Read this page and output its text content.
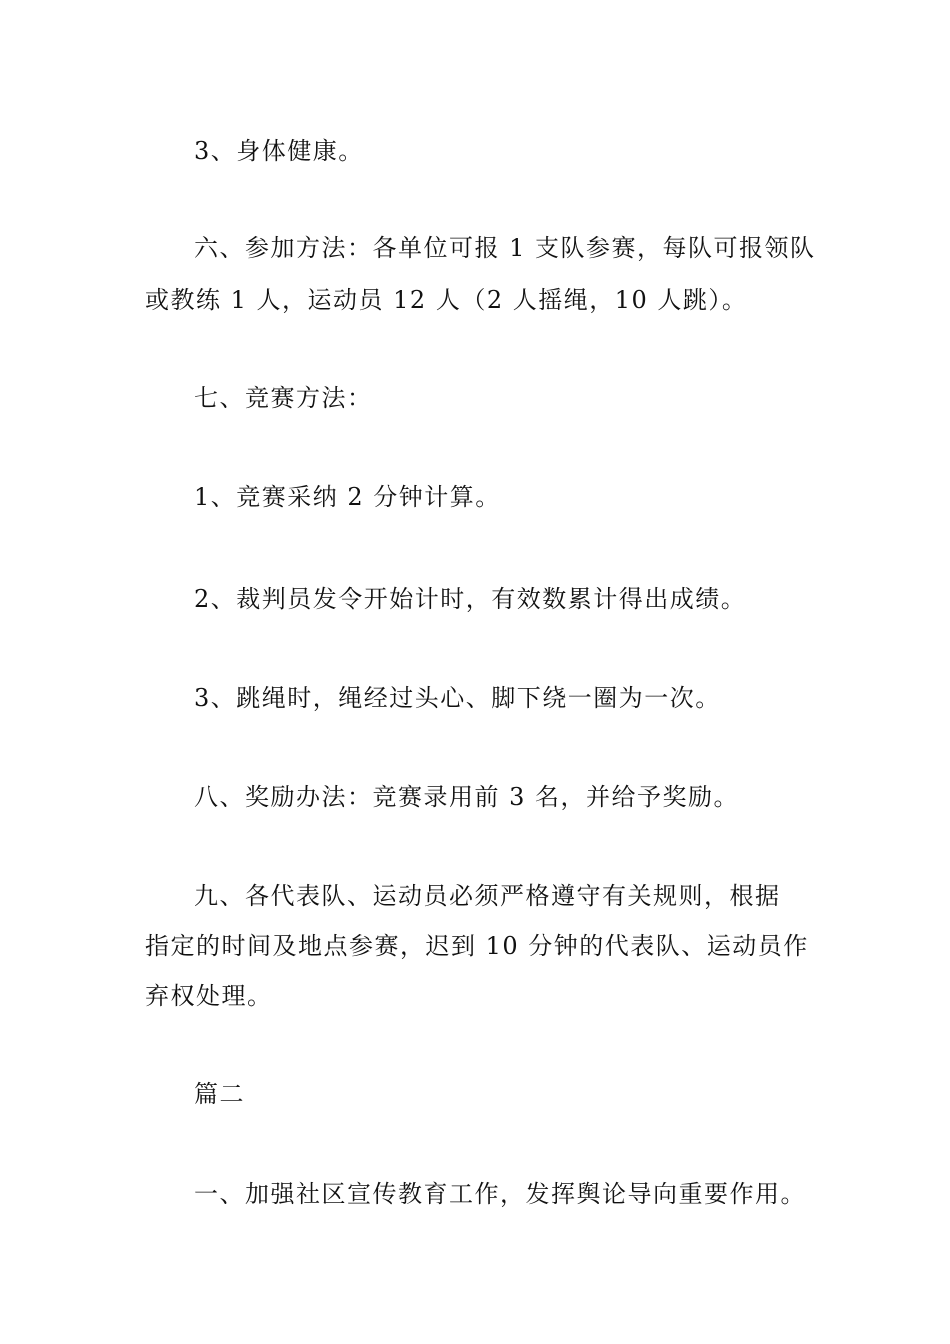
3、身体健康。
六、参加方法：各单位可报 1 支队参赛，每队可报领队
或教练 1 人，运动员 12 人（2 人摇绳，10 人跳）。
七、竞赛方法：
1、竞赛采纳 2 分钟计算。
2、裁判员发令开始计时，有效数累计得出成绩。
3、跳绳时，绳经过头心、脚下绕一圈为一次。
八、奖励办法：竞赛录用前 3 名，并给予奖励。
九、各代表队、运动员必须严格遵守有关规则，根据
指定的时间及地点参赛，迟到 10 分钟的代表队、运动员作
弃权处理。
篇二
一、加强社区宣传教育工作，发挥舆论导向重要作用。
